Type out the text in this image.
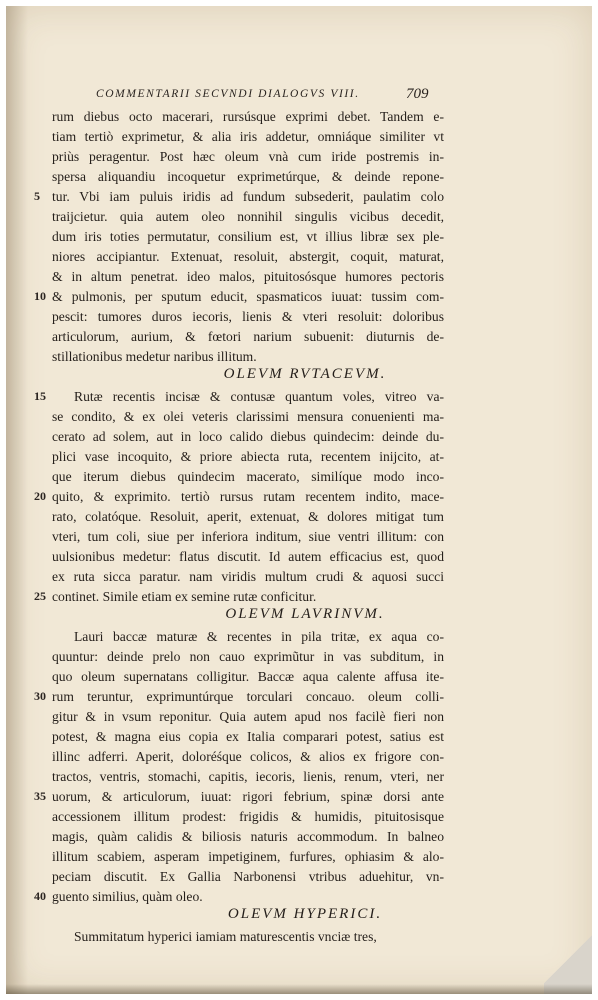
COMMENTARII SECVNDI DIALOGVS VIII.	709
rum diebus octo macerari, rursúsque exprimi debet. Tandem e-
tiam tertiò exprimetur, & alia iris addetur, omniáque similiter vt
priùs peragentur. Post hæc oleum vnà cum iride postremis in-
spersa aliquandiu incoquetur exprimetúrque, & deinde repone-
tur. Vbi iam puluis iridis ad fundum subsederit, paulatim colo
traijcietur. quia autem oleo nonnihil singulis vicibus decedit,
dum iris toties permutatur, consilium est, vt illius libræ sex ple-
niores accipiantur. Extenuat, resoluit, abstergit, coquit, maturat,
& in altum penetrat. ideo malos, pituitosósque humores pectoris
& pulmonis, per sputum educit, spasmaticos iuuat: tussim com-
pescit: tumores duros iecoris, lienis & vteri resoluit: doloribus
articulorum, aurium, & fœtori narium subuenit: diuturnis de-
stillationibus medetur naribus illitum.
OLEVM RVTACEVM.
Rutæ recentis incisæ & contusæ quantum voles, vitreo va-
se condito, & ex olei veteris clarissimi mensura conuenienti ma-
cerato ad solem, aut in loco calido diebus quindecim: deinde du-
plici vase incoquito, & priore abiecta ruta, recentem inijcito, at-
que iterum diebus quindecim macerato, similíque modo inco-
quito, & exprimito. tertiò rursus rutam recentem indito, mace-
rato, colatóque. Resoluit, aperit, extenuat, & dolores mitigat tum
vteri, tum coli, siue per inferiora inditum, siue ventri illitum: con
uulsionibus medetur: flatus discutit. Id autem efficacius est, quod
ex ruta sicca paratur. nam viridis multum crudi & aquosi succi
continet. Simile etiam ex semine rutæ conficitur.
OLEVM LAVRINVM.
Lauri baccæ maturæ & recentes in pila tritæ, ex aqua co-
quuntur: deinde prelo non cauo exprimũtur in vas subditum, in
quo oleum supernatans colligitur. Baccæ aqua calente affusa ite-
rum teruntur, exprimuntúrque torculari concauo. oleum colli-
gitur & in vsum reponitur. Quia autem apud nos facilè fieri non
potest, & magna eius copia ex Italia comparari potest, satius est
illinc adferri. Aperit, doloréśque colicos, & alios ex frigore con-
tractos, ventris, stomachi, capitis, iecoris, lienis, renum, vteri, ner
uorum, & articulorum, iuuat: rigori febrium, spinæ dorsi ante
accessionem illitum prodest: frigidis & humidis, pituitosisque
magis, quàm calidis & biliosis naturis accommodum. In balneo
illitum scabiem, asperam impetiginem, furfures, ophiasim & alo-
peciam discutit. Ex Gallia Narbonensi vtribus aduehitur, vn-
guento similius, quàm oleo.
OLEVM HYPERICI.
Summitatum hyperici iamiam maturescentis vnciæ tres,
5
10
15
20
25
30
35
40
